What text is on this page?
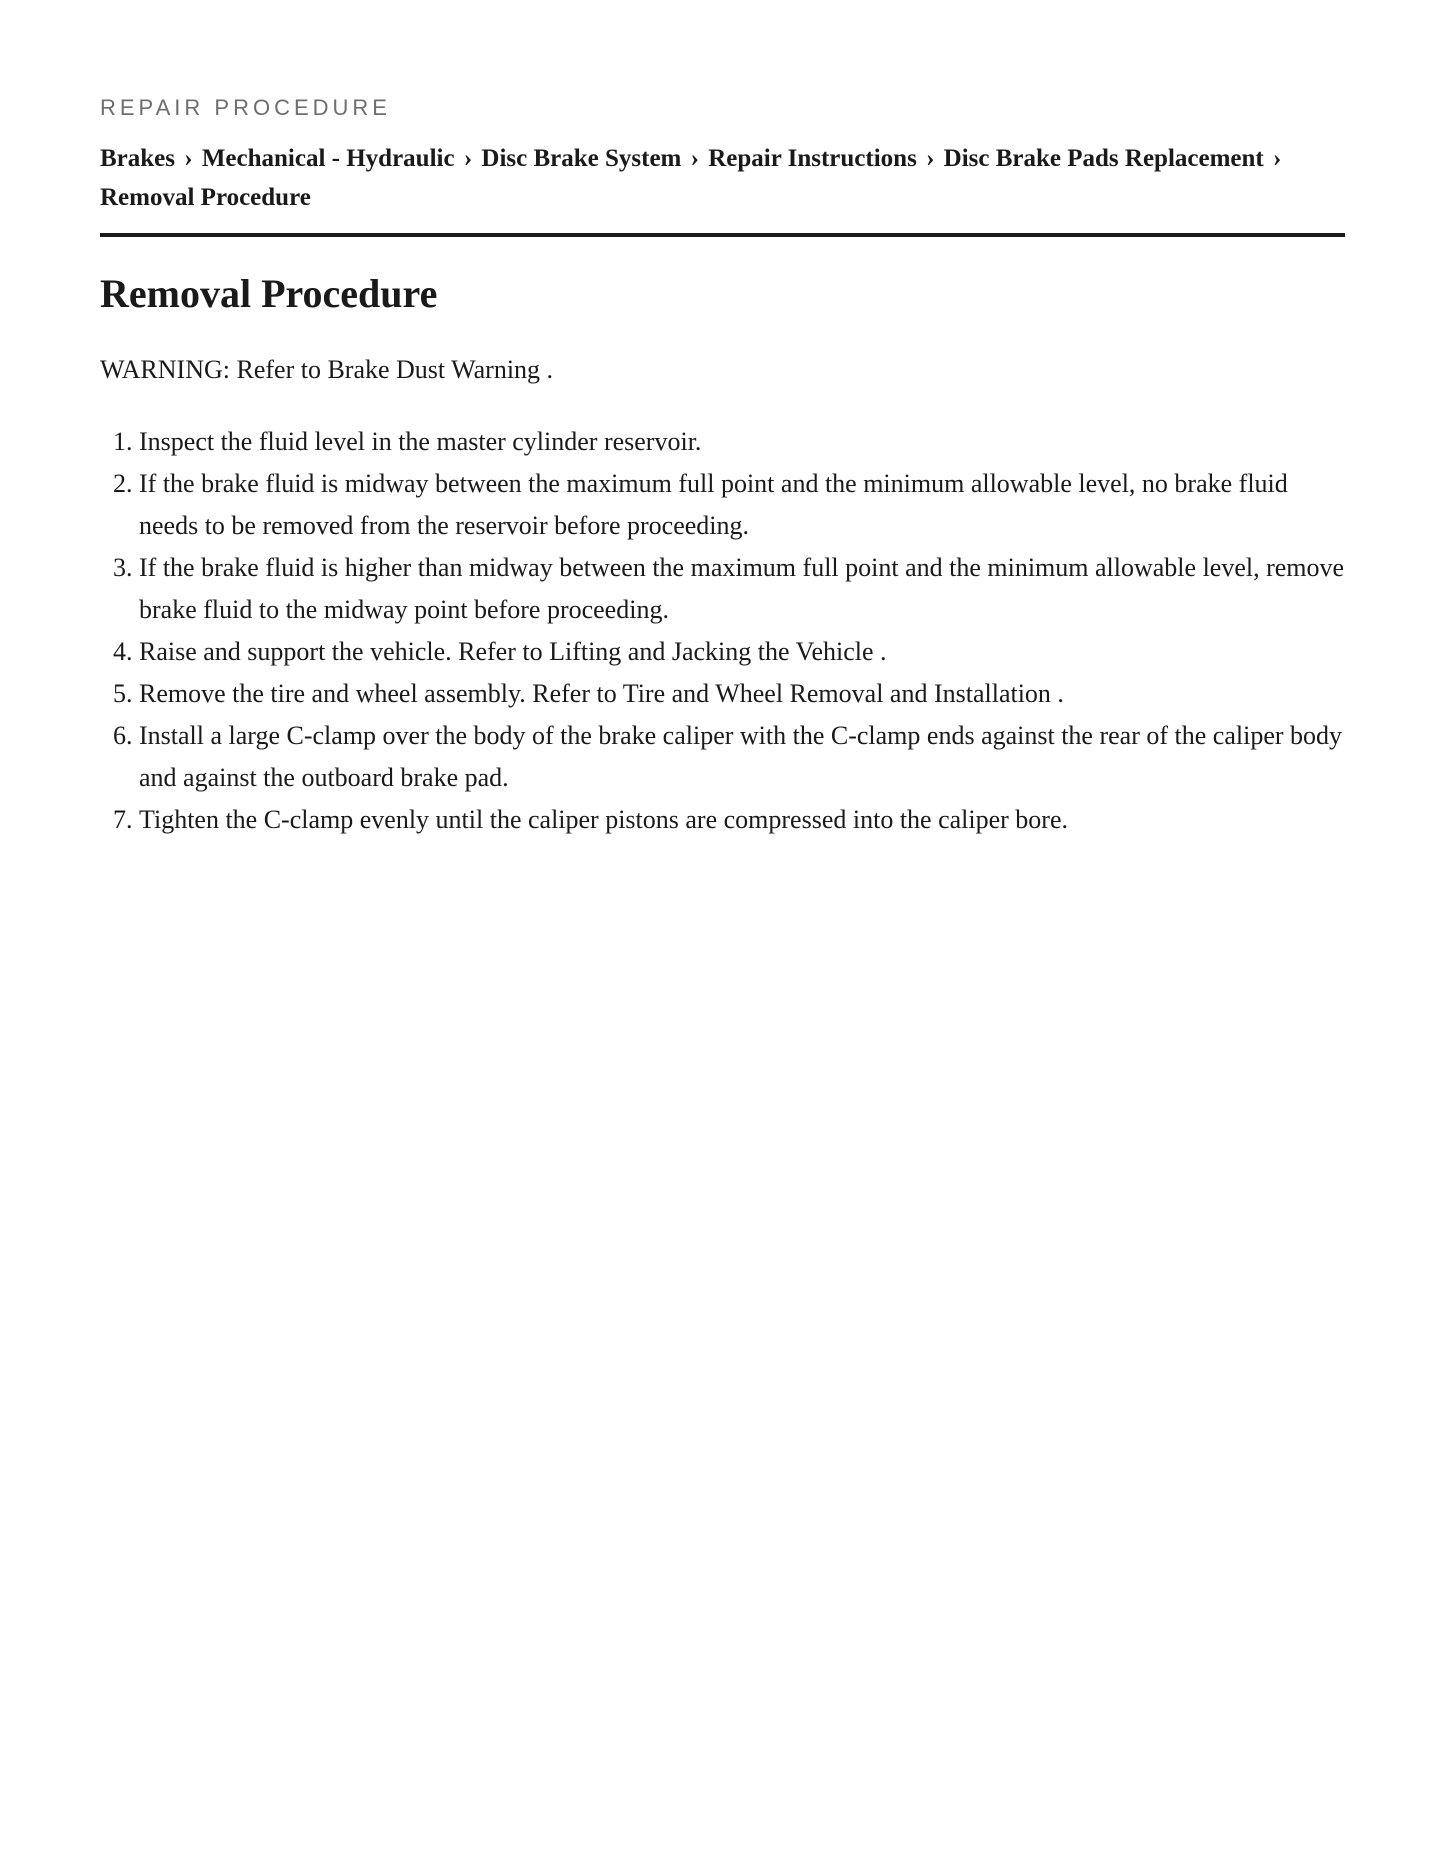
REPAIR PROCEDURE
Brakes › Mechanical - Hydraulic › Disc Brake System › Repair Instructions › Disc Brake Pads Replacement › Removal Procedure
Removal Procedure
WARNING: Refer to Brake Dust Warning .
1. Inspect the fluid level in the master cylinder reservoir.
2. If the brake fluid is midway between the maximum full point and the minimum allowable level, no brake fluid needs to be removed from the reservoir before proceeding.
3. If the brake fluid is higher than midway between the maximum full point and the minimum allowable level, remove brake fluid to the midway point before proceeding.
4. Raise and support the vehicle. Refer to Lifting and Jacking the Vehicle .
5. Remove the tire and wheel assembly. Refer to Tire and Wheel Removal and Installation .
6. Install a large C-clamp over the body of the brake caliper with the C-clamp ends against the rear of the caliper body and against the outboard brake pad.
7. Tighten the C-clamp evenly until the caliper pistons are compressed into the caliper bore.
